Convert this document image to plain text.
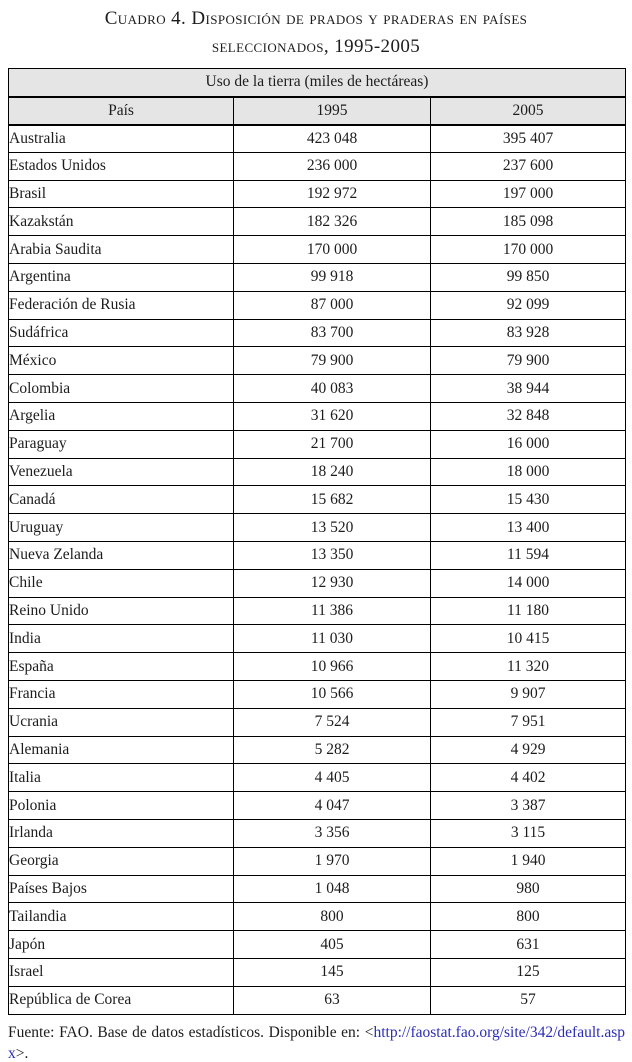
Cuadro 4. Disposición de prados y praderas en países
seleccionados, 1995-2005
Uso de la tierra (miles de hectáreas)		
País	1995	2005
Australia	423 048	395 407
Estados Unidos	236 000	237 600
Brasil	192 972	197 000
Kazakstán	182 326	185 098
Arabia Saudita	170 000	170 000
Argentina	99 918	99 850
Federación de Rusia	87 000	92 099
Sudáfrica	83 700	83 928
México	79 900	79 900
Colombia	40 083	38 944
Argelia	31 620	32 848
Paraguay	21 700	16 000
Venezuela	18 240	18 000
Canadá	15 682	15 430
Uruguay	13 520	13 400
Nueva Zelanda	13 350	11 594
Chile	12 930	14 000
Reino Unido	11 386	11 180
India	11 030	10 415
España	10 966	11 320
Francia	10 566	9 907
Ucrania	7 524	7 951
Alemania	5 282	4 929
Italia	4 405	4 402
Polonia	4 047	3 387
Irlanda	3 356	3 115
Georgia	1 970	1 940
Países Bajos	1 048	980
Tailandia	800	800
Japón	405	631
Israel	145	125
República de Corea	63	57
Fuente: FAO. Base de datos estadísticos. Disponible en: <http://faostat.fao.org/site/342/default.aspx>.
